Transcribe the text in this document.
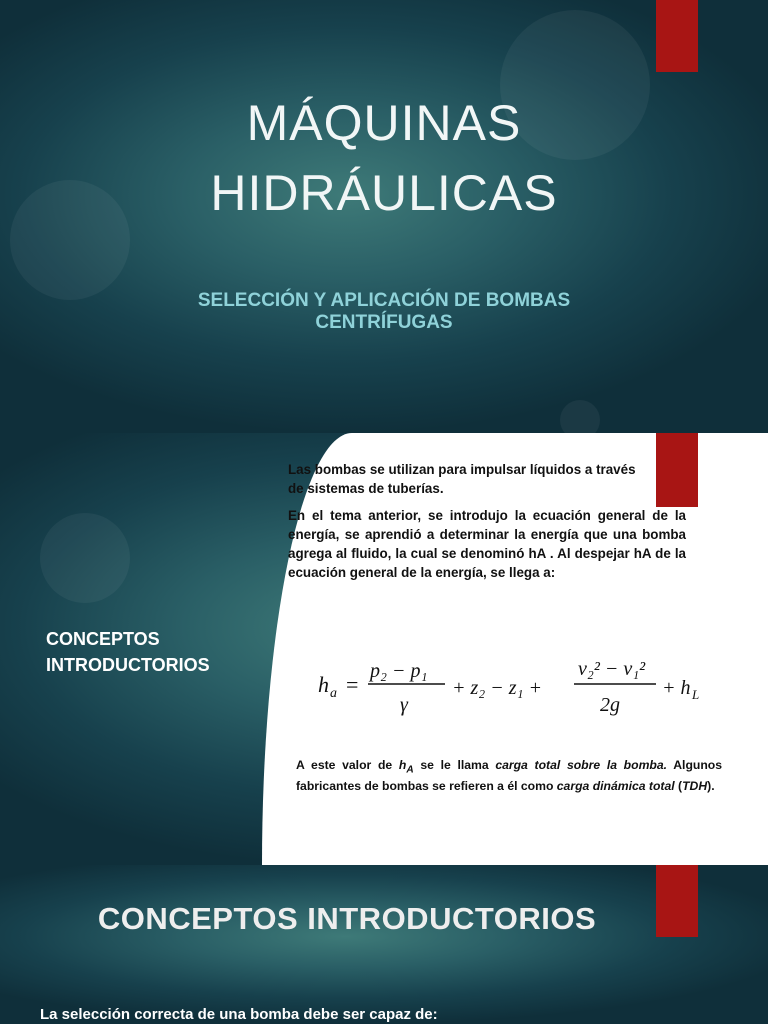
MÁQUINAS
HIDRÁULICAS
SELECCIÓN Y APLICACIÓN DE BOMBAS
CENTRÍFUGAS
CONCEPTOS
INTRODUCTORIOS

Las bombas se utilizan para impulsar líquidos a través de sistemas de tuberías.

En el tema anterior, se introdujo la ecuación general de la energía, se aprendió a determinar la energía que una bomba agrega al fluido, la cual se denominó hA . Al despejar hA de la ecuación general de la energía, se llega a:

h a =
p₂ − p₁
γ
+ z₂ − z₁ +
v₂² − v₁²
2g
+ h L

A este valor de $h_A$ se le llama carga total sobre la bomba. Algunos fabricantes de bombas se refieren a él como carga dinámica total (TDH).

CONCEPTOS INTRODUCTORIOS
La selección correcta de una bomba debe ser capaz de:
